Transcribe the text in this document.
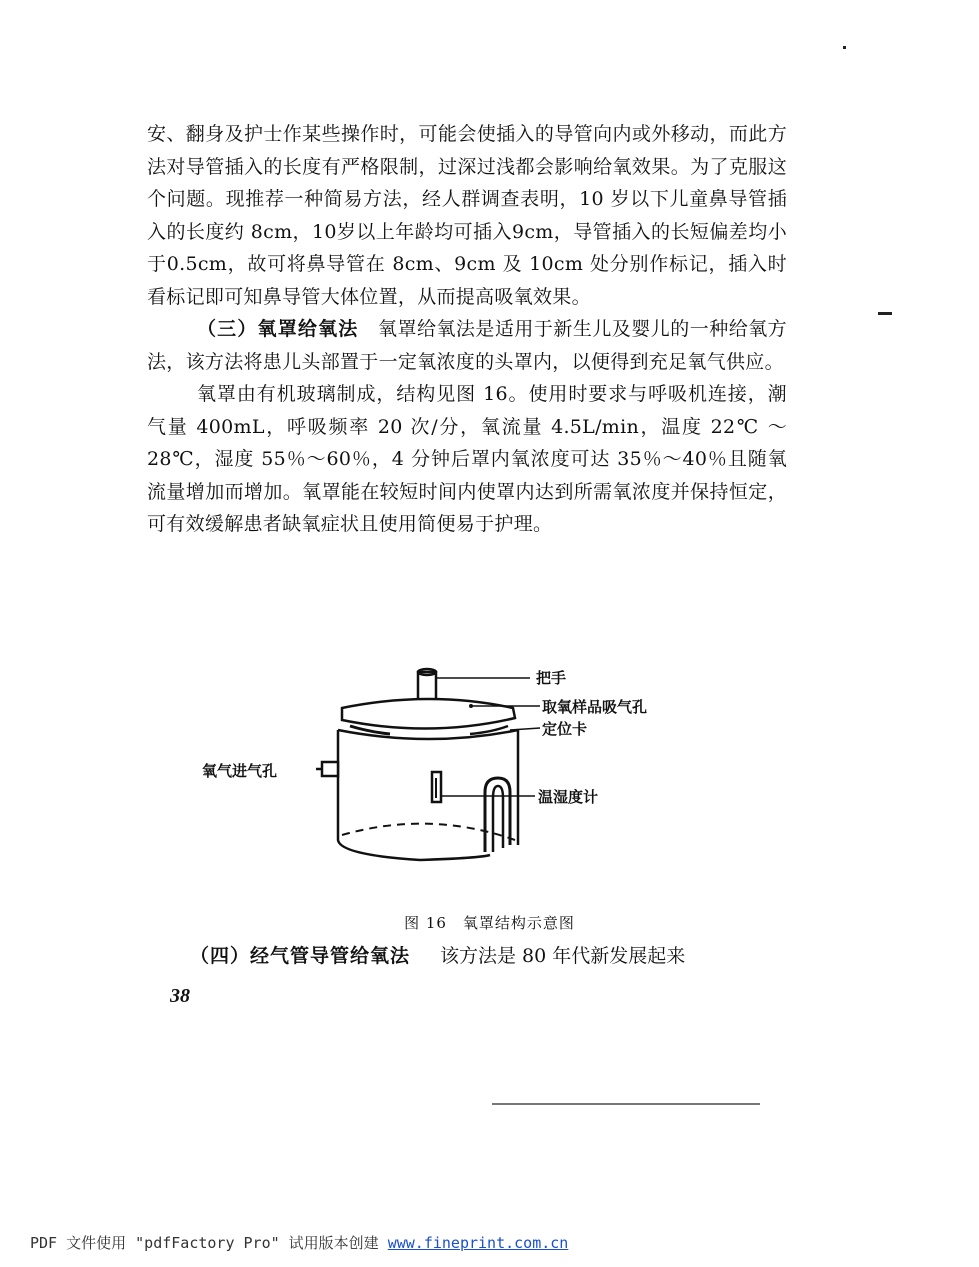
安、翻身及护士作某些操作时，可能会使插入的导管向内或外移动，而此方法对导管插入的长度有严格限制，过深过浅都会影响给氧效果。为了克服这个问题。现推荐一种简易方法，经人群调查表明，10 岁以下儿童鼻导管插入的长度约 8cm，10岁以上年龄均可插入9cm，导管插入的长短偏差均小于0.5cm，故可将鼻导管在 8cm、9cm 及 10cm 处分别作标记，插入时看标记即可知鼻导管大体位置，从而提高吸氧效果。

（三）氧罩给氧法　 氧罩给氧法是适用于新生儿及婴儿的一种给氧方法，该方法将患儿头部置于一定氧浓度的头罩内，以便得到充足氧气供应。

氧罩由有机玻璃制成，结构见图 16。使用时要求与呼吸机连接，潮气量 400mL，呼吸频率 20 次/分，氧流量 4.5L/min，温度 22℃ ～28℃，湿度 55％～60％，4 分钟后罩内氧浓度可达 35％～40％且随氧流量增加而增加。氧罩能在较短时间内使罩内达到所需氧浓度并保持恒定，可有效缓解患者缺氧症状且使用简便易于护理。

把手
取氧样品吸气孔
定位卡
氧气进气孔
温湿度计
图 16　氧罩结构示意图
（四）经气管导管给氧法 该方法是 80 年代新发展起来
38
PDF 文件使用 "pdfFactory Pro" 试用版本创建 www.fineprint.com.cn
